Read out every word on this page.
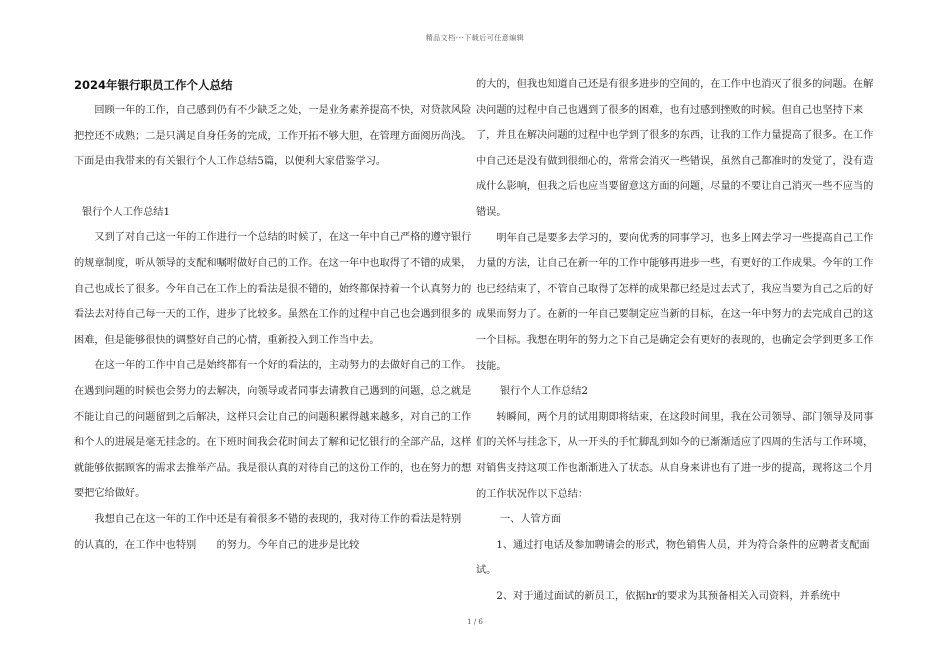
精品文档---下载后可任意编辑
2024年银行职员工作个人总结

回顾一年的工作，自己感到仍有不少缺乏之处，一是业务素养提高不快，对贷款风险把控还不成熟；二是只满足自身任务的完成，工作开拓不够大胆，在管理方面阅历尚浅。下面是由我带来的有关银行个人工作总结5篇，以便利大家借鉴学习。

银行个人工作总结1

又到了对自己这一年的工作进行一个总结的时候了，在这一年中自己严格的遵守银行的规章制度，听从领导的支配和嘱咐做好自己的工作。在这一年中也取得了不错的成果，自己也成长了很多。今年自己在工作上的看法是很不错的，始终都保持着一个认真努力的看法去对待自己每一天的工作，进步了比较多。虽然在工作的过程中自己也会遇到很多的困难，但是能够很快的调整好自己的心情，重新投入到工作当中去。

在这一年的工作中自己是始终都有一个好的看法的，主动努力的去做好自己的工作。在遇到问题的时候也会努力的去解决，向领导或者同事去请教自己遇到的问题，总之就是不能让自己的问题留到之后解决，这样只会让自己的问题积累得越来越多，对自己的工作和个人的进展是毫无挂念的。在下班时间我会花时间去了解和记忆银行的全部产品，这样就能够依据顾客的需求去推举产品。我是很认真的对待自己的这份工作的，也在努力的想要把它给做好。

我想自己在这一年的工作中还是有着很多不错的表现的，我对待工作的看法是特别　　的认真的，在工作中也特别　　的努力。今年自己的进步是比较

的大的，但我也知道自己还是有很多进步的空间的，在工作中也消灭了很多的问题。在解决问题的过程中自己也遇到了很多的困难，也有过感到挫败的时候。但自己也坚持下来了，并且在解决问题的过程中也学到了很多的东西，让我的工作力量提高了很多。在工作中自己还是没有做到很细心的，常常会消灭一些错误，虽然自己都准时的发觉了，没有造成什么影响，但我之后也应当要留意这方面的问题，尽量的不要让自己消灭一些不应当的错误。

明年自己是要多去学习的，要向优秀的同事学习，也多上网去学习一些提高自己工作力量的方法，让自己在新一年的工作中能够再进步一些，有更好的工作成果。今年的工作也已经结束了，不管自己取得了怎样的成果都已经是过去式了，我应当要为自己之后的好成果而努力了。在新的一年自己要制定应当新的目标，在这一年中努力的去完成自己的这一个目标。我想在明年的努力之下自己是确定会有更好的表现的，也确定会学到更多工作技能。

银行个人工作总结2

转瞬间，两个月的试用期即将结束，在这段时间里，我在公司领导、部门领导及同事们的关怀与挂念下，从一开头的手忙脚乱到如今的已渐渐适应了四周的生活与工作环境，对销售支持这项工作也渐渐进入了状态。从自身来讲也有了进一步的提高，现将这二个月的工作状况作以下总结：

一、人管方面

1、通过打电话及参加聘请会的形式，物色销售人员，并为符合条件的应聘者支配面试。

2、对于通过面试的新员工，依据hr的要求为其预备相关入司资料，并系统中

1 / 6
